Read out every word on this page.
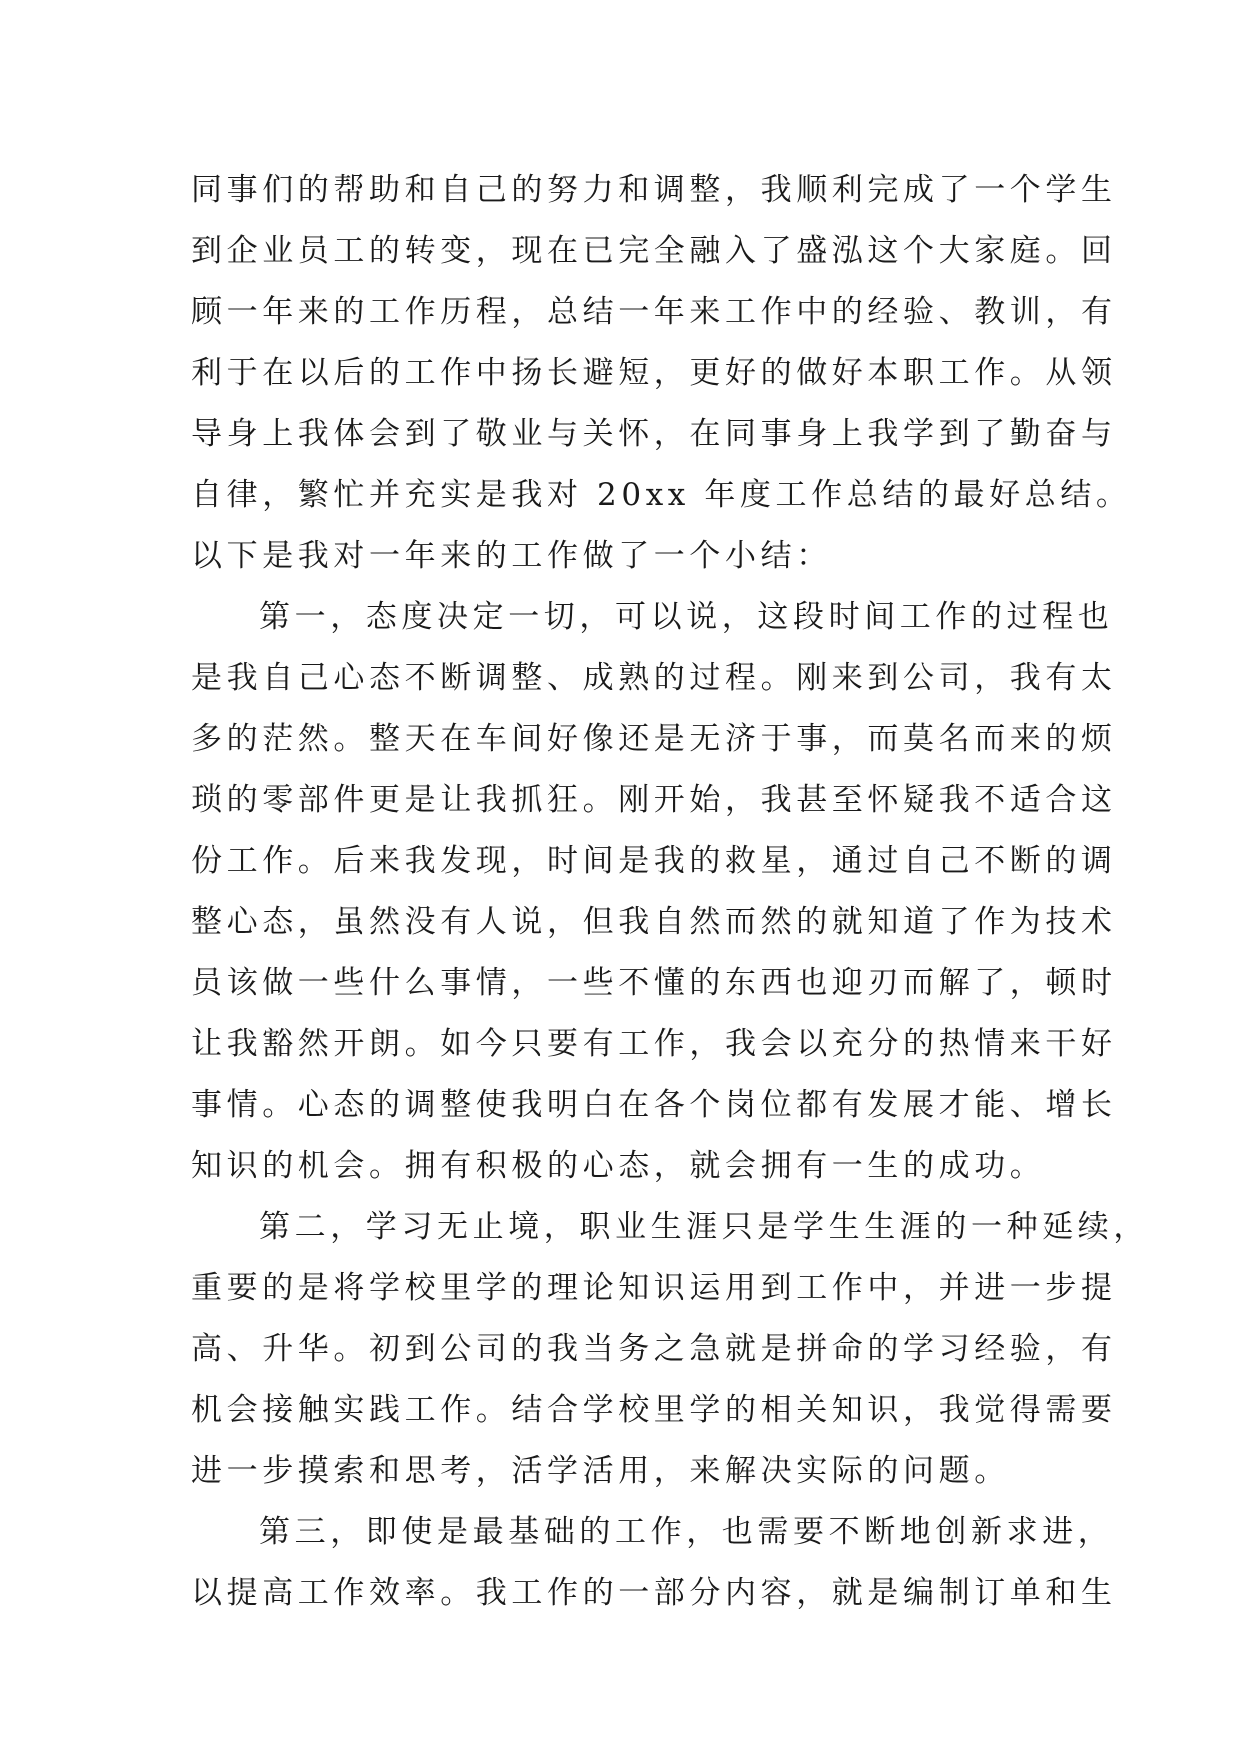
同事们的帮助和自己的努力和调整，我顺利完成了一个学生
到企业员工的转变，现在已完全融入了盛泓这个大家庭。回
顾一年来的工作历程，总结一年来工作中的经验、教训，有
利于在以后的工作中扬长避短，更好的做好本职工作。从领
导身上我体会到了敬业与关怀，在同事身上我学到了勤奋与
自律，繁忙并充实是我对 20xx 年度工作总结的最好总结。
以下是我对一年来的工作做了一个小结：
第一，态度决定一切，可以说，这段时间工作的过程也
是我自己心态不断调整、成熟的过程。刚来到公司，我有太
多的茫然。整天在车间好像还是无济于事，而莫名而来的烦
琐的零部件更是让我抓狂。刚开始，我甚至怀疑我不适合这
份工作。后来我发现，时间是我的救星，通过自己不断的调
整心态，虽然没有人说，但我自然而然的就知道了作为技术
员该做一些什么事情，一些不懂的东西也迎刃而解了，顿时
让我豁然开朗。如今只要有工作，我会以充分的热情来干好
事情。心态的调整使我明白在各个岗位都有发展才能、增长
知识的机会。拥有积极的心态，就会拥有一生的成功。
第二，学习无止境，职业生涯只是学生生涯的一种延续，
重要的是将学校里学的理论知识运用到工作中，并进一步提
高、升华。初到公司的我当务之急就是拼命的学习经验，有
机会接触实践工作。结合学校里学的相关知识，我觉得需要
进一步摸索和思考，活学活用，来解决实际的问题。
第三，即使是最基础的工作，也需要不断地创新求进，
以提高工作效率。我工作的一部分内容，就是编制订单和生
